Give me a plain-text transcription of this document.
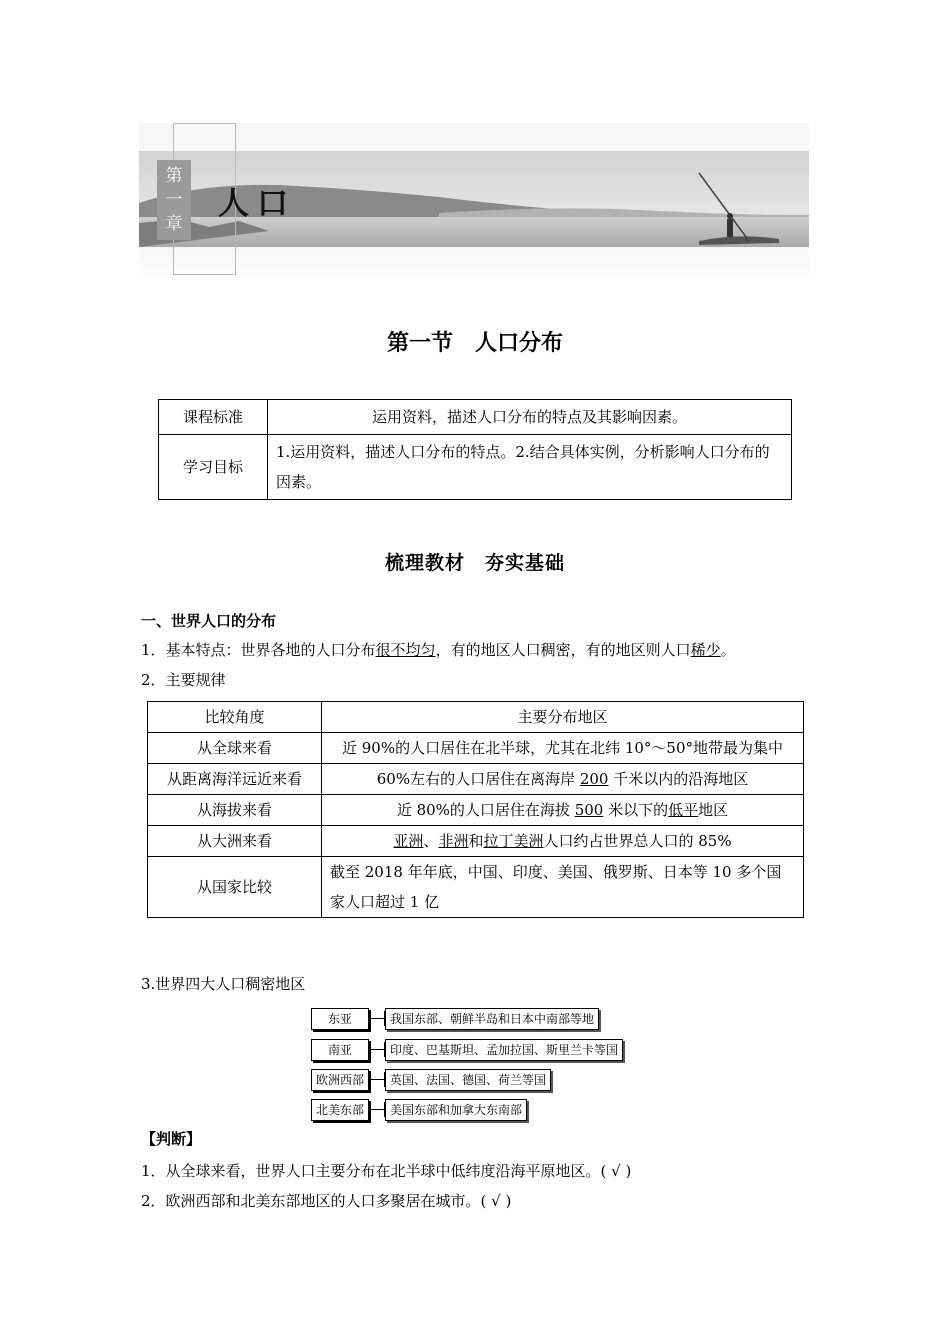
第
一
章
人口
第一节　人口分布
课程标准	运用资料，描述人口分布的特点及其影响因素。
学习目标	1.运用资料，描述人口分布的特点。2.结合具体实例，分析影响人口分布的因素。
梳理教材　夯实基础
一、世界人口的分布
1．基本特点：世界各地的人口分布很不均匀，有的地区人口稠密，有的地区则人口稀少。
2．主要规律
比较角度	主要分布地区
从全球来看	近 90%的人口居住在北半球，尤其在北纬 10°～50°地带最为集中
从距离海洋远近来看	60%左右的人口居住在离海岸 200 千米以内的沿海地区
从海拔来看	近 80%的人口居住在海拔 500 米以下的低平地区
从大洲来看	亚洲、非洲和拉丁美洲人口约占世界总人口的 85%
从国家比较	截至 2018 年年底，中国、印度、美国、俄罗斯、日本等 10 多个国家人口超过 1 亿
3.世界四大人口稠密地区
东亚	我国东部、朝鲜半岛和日本中南部等地
南亚	印度、巴基斯坦、孟加拉国、斯里兰卡等国
欧洲西部	英国、法国、德国、荷兰等国
北美东部	美国东部和加拿大东南部
【判断】
1．从全球来看，世界人口主要分布在北半球中低纬度沿海平原地区。( √ )
2．欧洲西部和北美东部地区的人口多聚居在城市。( √ )
